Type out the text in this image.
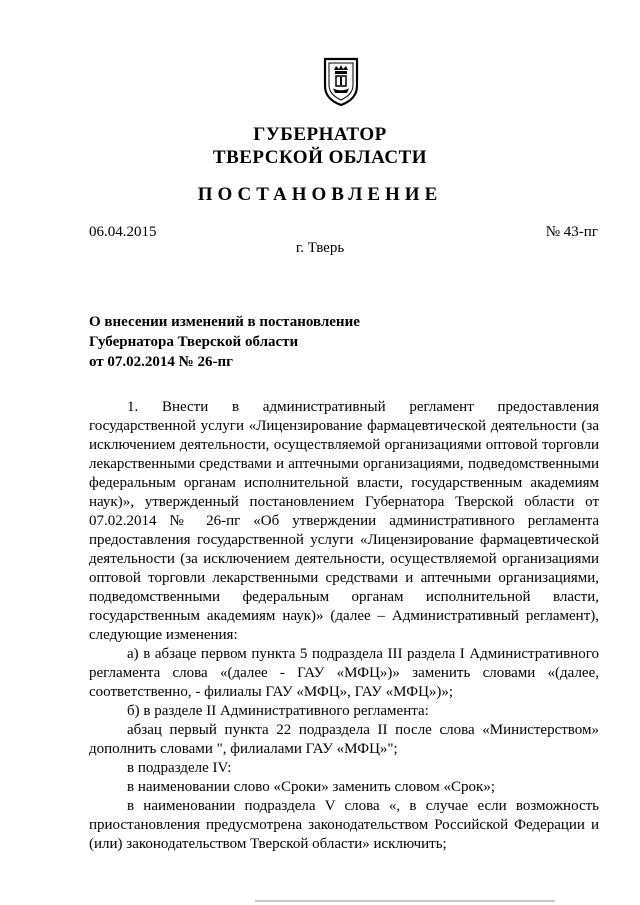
ГУБЕРНАТОР
ТВЕРСКОЙ ОБЛАСТИ
ПОСТАНОВЛЕНИЕ
06.04.2015	№ 43-пг
г. Тверь
О внесении изменений в постановление
Губернатора Тверской области
от 07.02.2014 № 26-пг

1. Внести в административный регламент предоставления государственной услуги «Лицензирование фармацевтической деятельности (за исключением деятельности, осуществляемой организациями оптовой торговли лекарственными средствами и аптечными организациями, подведомственными федеральным органам исполнительной власти, государственным академиям наук)», утвержденный постановлением Губернатора Тверской области от 07.02.2014 № 26-пг «Об утверждении административного регламента предоставления государственной услуги «Лицензирование фармацевтической деятельности (за исключением деятельности, осуществляемой организациями оптовой торговли лекарственными средствами и аптечными организациями, подведомственными федеральным органам исполнительной власти, государственным академиям наук)» (далее – Административный регламент), следующие изменения:

а) в абзаце первом пункта 5 подраздела III раздела I Административного регламента слова «(далее - ГАУ «МФЦ»)» заменить словами «(далее, соответственно, - филиалы ГАУ «МФЦ», ГАУ «МФЦ»)»;

б) в разделе II Административного регламента:

абзац первый пункта 22 подраздела II после слова «Министерством» дополнить словами ", филиалами ГАУ «МФЦ»";

в подразделе IV:

в наименовании слово «Сроки» заменить словом «Срок»;

в наименовании подраздела V слова «, в случае если возможность приостановления предусмотрена законодательством Российской Федерации и (или) законодательством Тверской области» исключить;
